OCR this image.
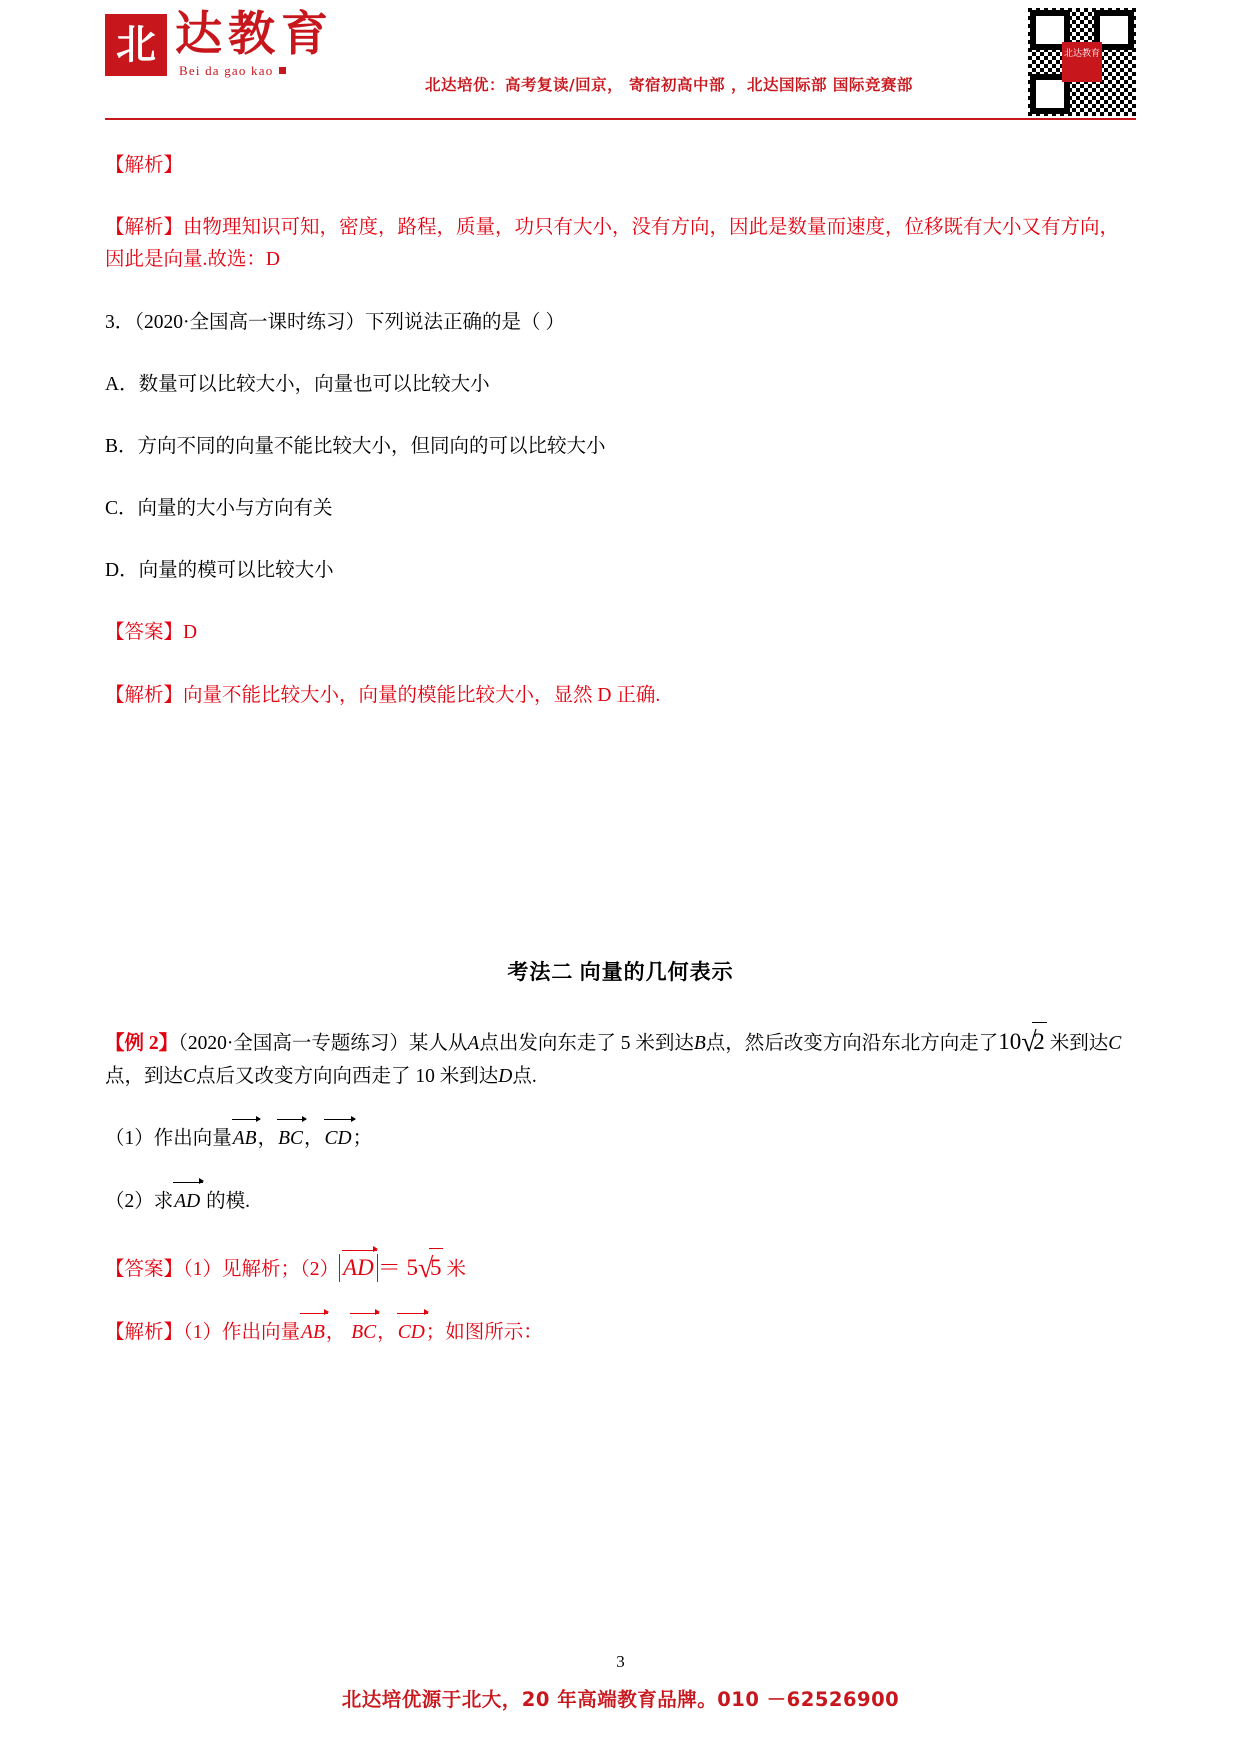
北 达教育
Bei da gao kao
北达培优：高考复读/回京， 寄宿初高中部 ，北达国际部 国际竞赛部
北达教育

【解析】

【解析】由物理知识可知，密度，路程，质量，功只有大小，没有方向，因此是数量而速度，位移既有大小又有方向，因此是向量.故选：D

3．（2020·全国高一课时练习）下列说法正确的是（ ）

A．数量可以比较大小，向量也可以比较大小

B．方向不同的向量不能比较大小，但同向的可以比较大小

C．向量的大小与方向有关

D．向量的模可以比较大小

【答案】D

【解析】向量不能比较大小，向量的模能比较大小，显然 D 正确.

考法二 向量的几何表示

【例 2】（2020·全国高一专题练习）某人从A点出发向东走了 5 米到达B点，然后改变方向沿东北方向走了10 √ 2 米到达C点，到达C点后又改变方向向西走了 10 米到达D点.

（1）作出向量AB，BC，CD；

（2）求AD 的模.

【答案】（1）见解析；（2） AD ＝ 5 √ 5 米

【解析】（1）作出向量AB， BC，CD；如图所示：

3
北达培优源于北大，20 年高端教育品牌。010 －62526900
